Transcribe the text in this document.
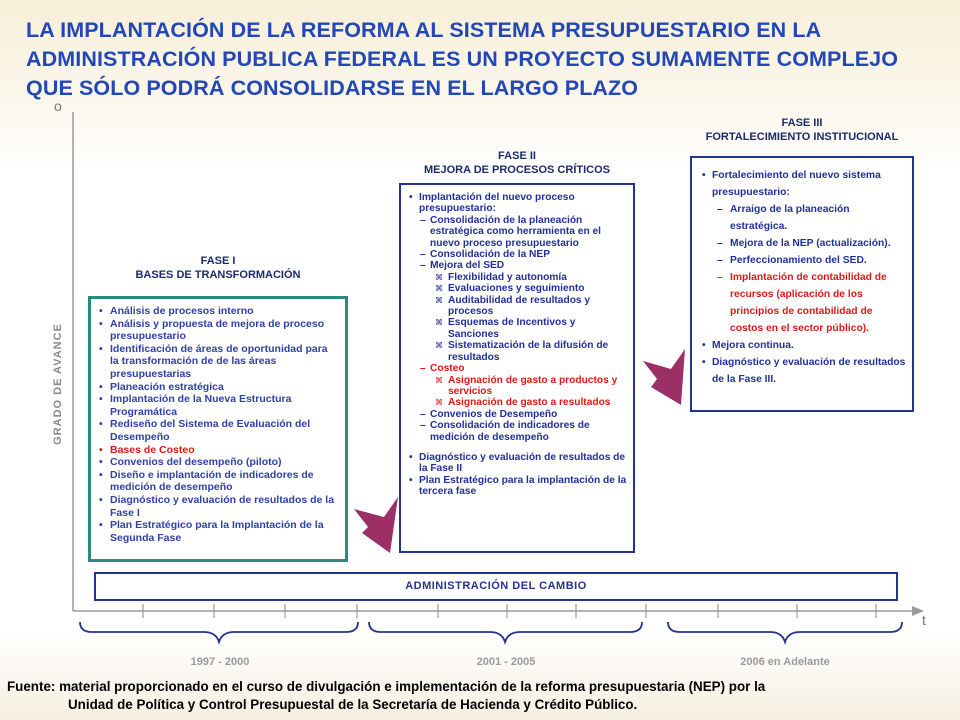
LA IMPLANTACIÓN DE LA REFORMA AL SISTEMA PRESUPUESTARIO EN LA ADMINISTRACIÓN PUBLICA FEDERAL ES UN PROYECTO SUMAMENTE COMPLEJO QUE SÓLO PODRÁ CONSOLIDARSE EN EL LARGO PLAZO
o
t
GRADO DE AVANCE
FASE I
BASES DE TRANSFORMACIÓN
• Análisis de procesos interno
• Análisis y propuesta de mejora de proceso presupuestario
• Identificación de áreas de oportunidad para la transformación de de las áreas presupuestarias
• Planeación estratégica
• Implantación de la Nueva Estructura Programática
• Rediseño del Sistema de Evaluación del Desempeño
• Bases de Costeo
• Convenios del desempeño (piloto)
• Diseño e implantación de indicadores de medición de desempeño
• Diagnóstico y evaluación de resultados de la Fase I
• Plan Estratégico para la Implantación de la Segunda Fase
FASE II
MEJORA DE PROCESOS CRÍTICOS
• Implantación del nuevo proceso presupuestario:
– Consolidación de la planeación estratégica como herramienta en el nuevo proceso presupuestario
– Consolidación de la NEP
– Mejora del SED
⌘ Flexibilidad y autonomía
⌘ Evaluaciones y seguimiento
⌘ Auditabilidad de resultados y procesos
⌘ Esquemas de Incentivos y Sanciones
⌘ Sistematización de la difusión de resultados
– Costeo
⌘ Asignación de gasto a productos y servicios
⌘ Asignación de gasto a resultados
– Convenios de Desempeño
– Consolidación de indicadores de medición de desempeño
• Diagnóstico y evaluación de resultados de la Fase II
• Plan Estratégico para la implantación de la tercera fase
FASE III
FORTALECIMIENTO INSTITUCIONAL
• Fortalecimiento del nuevo sistema presupuestario:
– Arraigo de la planeación estratégica.
– Mejora de la NEP (actualización).
– Perfeccionamiento del SED.
– Implantación de contabilidad de recursos (aplicación de los principios de contabilidad de costos en el sector público).
• Mejora continua.
• Diagnóstico y evaluación de resultados de la Fase III.
ADMINISTRACIÓN DEL CAMBIO
1997 - 2000	2001 - 2005	2006 en Adelante

Fuente: material proporcionado en el curso de divulgación e implementación de la reforma presupuestaria (NEP) por la
Unidad de Política y Control Presupuestal de la Secretaría de Hacienda y Crédito Público.
